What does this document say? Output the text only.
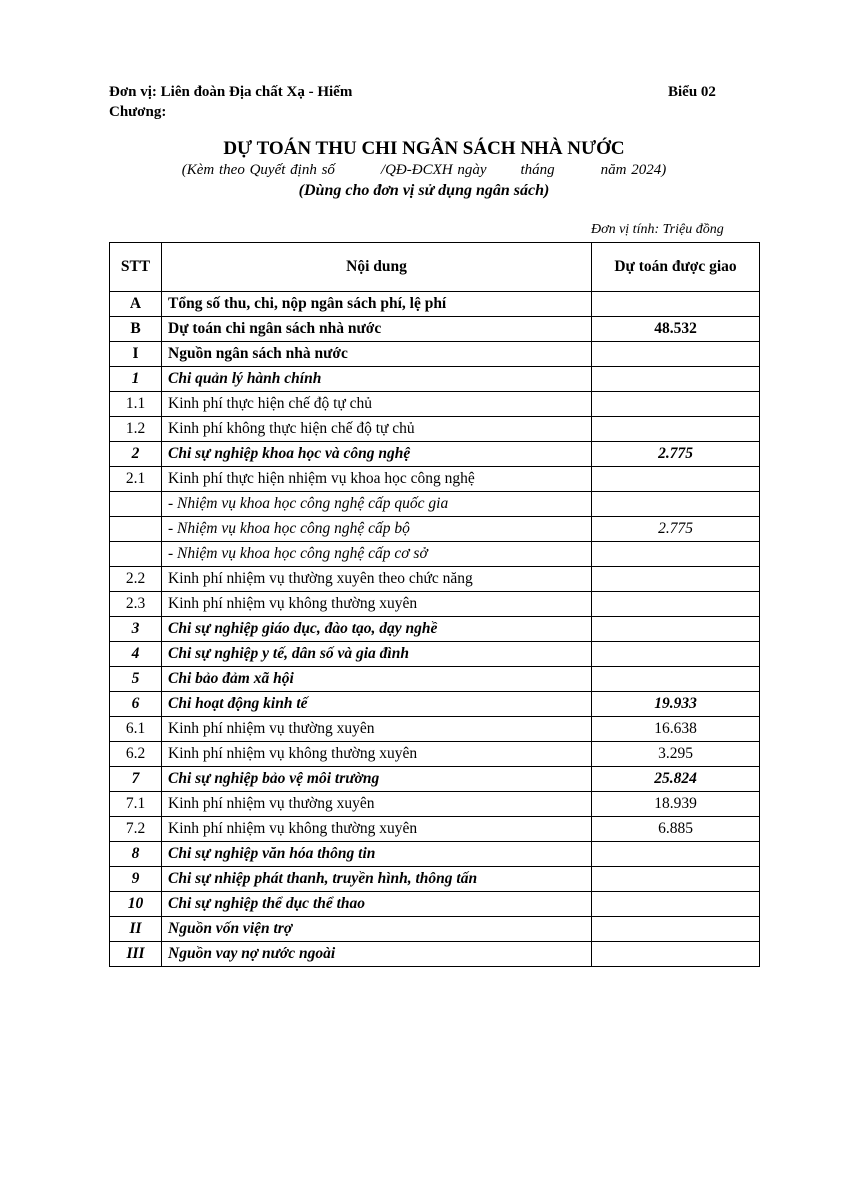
Đơn vị: Liên đoàn Địa chất Xạ - Hiếm
Chương:
Biểu 02
DỰ TOÁN THU CHI NGÂN SÁCH NHÀ NƯỚC
(Kèm theo Quyết định số	/QĐ-ĐCXH ngày tháng	năm 2024)
(Dùng cho đơn vị sử dụng ngân sách)
Đơn vị tính: Triệu đồng
STT	Nội dung	Dự toán được giao
A	Tổng số thu, chi, nộp ngân sách phí, lệ phí	
B	Dự toán chi ngân sách nhà nước	48.532
I	Nguồn ngân sách nhà nước	
1	Chi quản lý hành chính	
1.1	Kinh phí thực hiện chế độ tự chủ	
1.2	Kinh phí không thực hiện chế độ tự chủ	
2	Chi sự nghiệp khoa học và công nghệ	2.775
2.1	Kinh phí thực hiện nhiệm vụ khoa học công nghệ	
	- Nhiệm vụ khoa học công nghệ cấp quốc gia	
	- Nhiệm vụ khoa học công nghệ cấp bộ	2.775
	- Nhiệm vụ khoa học công nghệ cấp cơ sở	
2.2	Kinh phí nhiệm vụ thường xuyên theo chức năng	
2.3	Kinh phí nhiệm vụ không thường xuyên	
3	Chi sự nghiệp giáo dục, đào tạo, dạy nghề	
4	Chi sự nghiệp y tế, dân số và gia đình	
5	Chi bảo đảm xã hội	
6	Chi hoạt động kinh tế	19.933
6.1	Kinh phí nhiệm vụ thường xuyên	16.638
6.2	Kinh phí nhiệm vụ không thường xuyên	3.295
7	Chi sự nghiệp bảo vệ môi trường	25.824
7.1	Kinh phí nhiệm vụ thường xuyên	18.939
7.2	Kinh phí nhiệm vụ không thường xuyên	6.885
8	Chi sự nghiệp văn hóa thông tin	
9	Chi sự nhiệp phát thanh, truyền hình, thông tấn	
10	Chi sự nghiệp thể dục thể thao	
II	Nguồn vốn viện trợ	
III	Nguồn vay nợ nước ngoài	
